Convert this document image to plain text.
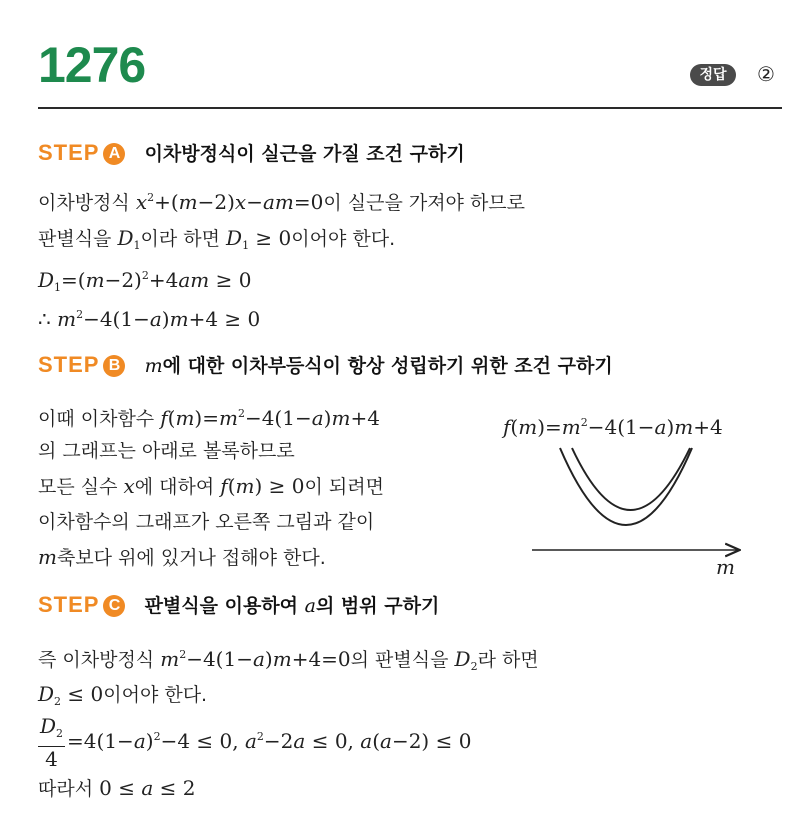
1276	정답	②
STEP A 이차방정식이 실근을 가질 조건 구하기
이차방정식 $x^2+(m-2)x-am=0$이 실근을 가져야 하므로
판별식을 $D_1$이라 하면 $D_1 \ge 0$이어야 한다.
$D_1=(m-2)^2+4am \ge 0$
∴ $m^2-4(1-a)m+4 \ge 0$
STEP B m에 대한 이차부등식이 항상 성립하기 위한 조건 구하기
이때 이차함수 $f(m)=m^2-4(1-a)m+4$
의 그래프는 아래로 볼록하므로
모든 실수 x에 대하여 f(m) ≥ 0이 되려면
이차함수의 그래프가 오른쪽 그림과 같이
m축보다 위에 있거나 접해야 한다.
$f(m)=m^2-4(1-a)m+4$
m
STEP C 판별식을 이용하여 a의 범위 구하기
즉 이차방정식 $m^2-4(1-a)m+4=0$의 판별식을 $D_2$라 하면
$D_2 \le 0$이어야 한다.
$\frac{D_2}{4} =4(1-a)^2-4 \le 0$, $a^2-2a \le 0$, a(a−2) ≤ 0
따라서 0 ≤ a ≤ 2
